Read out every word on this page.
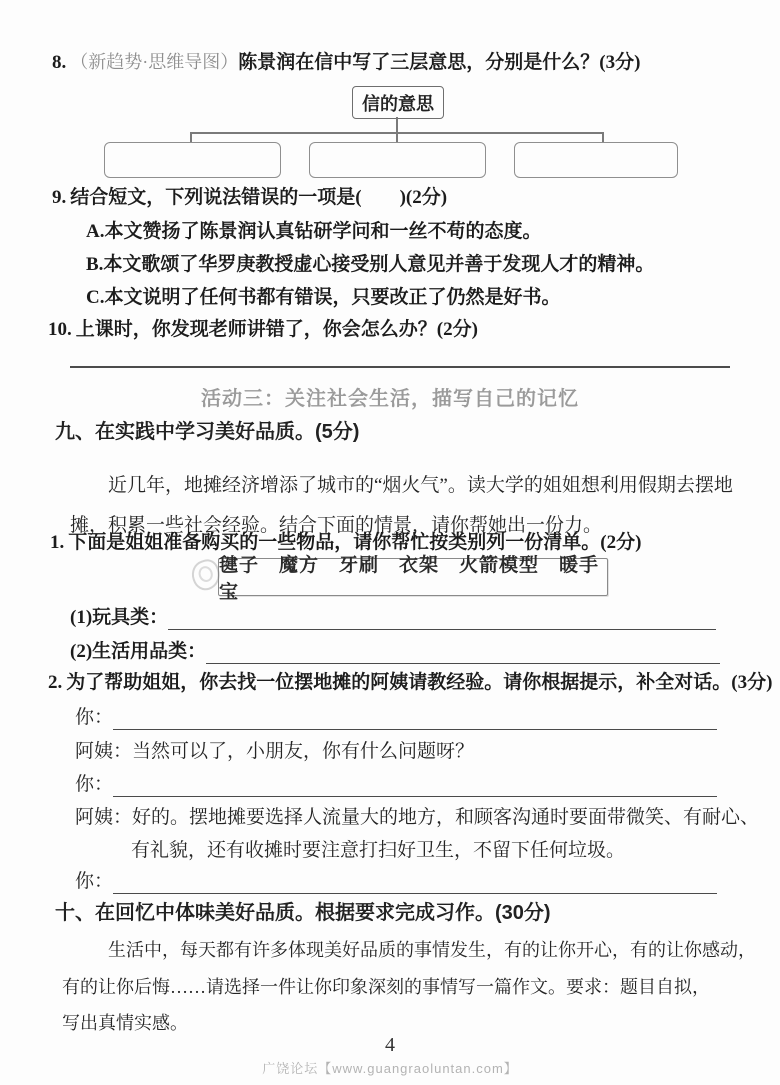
8. （新趋势·思维导图）陈景润在信中写了三层意思，分别是什么？(3分)
信的意思
9. 结合短文，下列说法错误的一项是(　　)(2分)
A.本文赞扬了陈景润认真钻研学问和一丝不苟的态度。
B.本文歌颂了华罗庚教授虚心接受别人意见并善于发现人才的精神。
C.本文说明了任何书都有错误，只要改正了仍然是好书。
10. 上课时，你发现老师讲错了，你会怎么办？(2分)
活动三：关注社会生活，描写自己的记忆
九、在实践中学习美好品质。(5分)
近几年，地摊经济增添了城市的“烟火气”。读大学的姐姐想利用假期去摆地
摊，积累一些社会经验。结合下面的情景，请你帮她出一份力。
1. 下面是姐姐准备购买的一些物品，请你帮忙按类别列一份清单。(2分)
毽子　魔方　牙刷　衣架　火箭模型　暖手宝
(1)玩具类：
(2)生活用品类：
2. 为了帮助姐姐，你去找一位摆地摊的阿姨请教经验。请你根据提示，补全对话。(3分)
你：
阿姨：当然可以了，小朋友，你有什么问题呀？
你：
阿姨：好的。摆地摊要选择人流量大的地方，和顾客沟通时要面带微笑、有耐心、
有礼貌，还有收摊时要注意打扫好卫生，不留下任何垃圾。
你：
十、在回忆中体味美好品质。根据要求完成习作。(30分)
生活中，每天都有许多体现美好品质的事情发生，有的让你开心，有的让你感动，
有的让你后悔……请选择一件让你印象深刻的事情写一篇作文。要求：题目自拟，
写出真情实感。
4
广饶论坛【www.guangraoluntan.com】
